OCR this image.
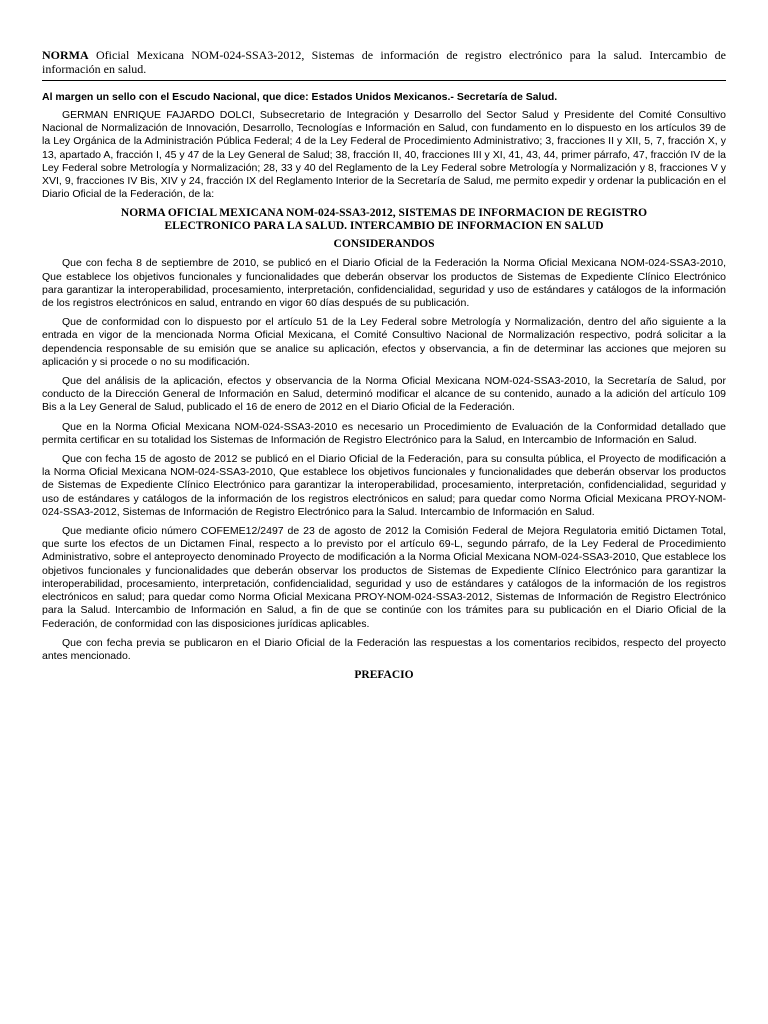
NORMA Oficial Mexicana NOM-024-SSA3-2012, Sistemas de información de registro electrónico para la salud. Intercambio de información en salud.

Al margen un sello con el Escudo Nacional, que dice: Estados Unidos Mexicanos.- Secretaría de Salud.

GERMAN ENRIQUE FAJARDO DOLCI, Subsecretario de Integración y Desarrollo del Sector Salud y Presidente del Comité Consultivo Nacional de Normalización de Innovación, Desarrollo, Tecnologías e Información en Salud, con fundamento en lo dispuesto en los artículos 39 de la Ley Orgánica de la Administración Pública Federal; 4 de la Ley Federal de Procedimiento Administrativo; 3, fracciones II y XII, 5, 7, fracción X, y 13, apartado A, fracción I, 45 y 47 de la Ley General de Salud; 38, fracción II, 40, fracciones III y XI, 41, 43, 44, primer párrafo, 47, fracción IV de la Ley Federal sobre Metrología y Normalización; 28, 33 y 40 del Reglamento de la Ley Federal sobre Metrología y Normalización y 8, fracciones V y XVI, 9, fracciones IV Bis, XIV y 24, fracción IX del Reglamento Interior de la Secretaría de Salud, me permito expedir y ordenar la publicación en el Diario Oficial de la Federación, de la:

NORMA OFICIAL MEXICANA NOM-024-SSA3-2012, SISTEMAS DE INFORMACION DE REGISTRO
ELECTRONICO PARA LA SALUD. INTERCAMBIO DE INFORMACION EN SALUD
CONSIDERANDOS

Que con fecha 8 de septiembre de 2010, se publicó en el Diario Oficial de la Federación la Norma Oficial Mexicana NOM-024-SSA3-2010, Que establece los objetivos funcionales y funcionalidades que deberán observar los productos de Sistemas de Expediente Clínico Electrónico para garantizar la interoperabilidad, procesamiento, interpretación, confidencialidad, seguridad y uso de estándares y catálogos de la información de los registros electrónicos en salud, entrando en vigor 60 días después de su publicación.

Que de conformidad con lo dispuesto por el artículo 51 de la Ley Federal sobre Metrología y Normalización, dentro del año siguiente a la entrada en vigor de la mencionada Norma Oficial Mexicana, el Comité Consultivo Nacional de Normalización respectivo, podrá solicitar a la dependencia responsable de su emisión que se analice su aplicación, efectos y observancia, a fin de determinar las acciones que mejoren su aplicación y si procede o no su modificación.

Que del análisis de la aplicación, efectos y observancia de la Norma Oficial Mexicana NOM-024-SSA3-2010, la Secretaría de Salud, por conducto de la Dirección General de Información en Salud, determinó modificar el alcance de su contenido, aunado a la adición del artículo 109 Bis a la Ley General de Salud, publicado el 16 de enero de 2012 en el Diario Oficial de la Federación.

Que en la Norma Oficial Mexicana NOM-024-SSA3-2010 es necesario un Procedimiento de Evaluación de la Conformidad detallado que permita certificar en su totalidad los Sistemas de Información de Registro Electrónico para la Salud, en Intercambio de Información en Salud.

Que con fecha 15 de agosto de 2012 se publicó en el Diario Oficial de la Federación, para su consulta pública, el Proyecto de modificación a la Norma Oficial Mexicana NOM-024-SSA3-2010, Que establece los objetivos funcionales y funcionalidades que deberán observar los productos de Sistemas de Expediente Clínico Electrónico para garantizar la interoperabilidad, procesamiento, interpretación, confidencialidad, seguridad y uso de estándares y catálogos de la información de los registros electrónicos en salud; para quedar como Norma Oficial Mexicana PROY-NOM-024-SSA3-2012, Sistemas de Información de Registro Electrónico para la Salud. Intercambio de Información en Salud.

Que mediante oficio número COFEME12/2497 de 23 de agosto de 2012 la Comisión Federal de Mejora Regulatoria emitió Dictamen Total, que surte los efectos de un Dictamen Final, respecto a lo previsto por el artículo 69-L, segundo párrafo, de la Ley Federal de Procedimiento Administrativo, sobre el anteproyecto denominado Proyecto de modificación a la Norma Oficial Mexicana NOM-024-SSA3-2010, Que establece los objetivos funcionales y funcionalidades que deberán observar los productos de Sistemas de Expediente Clínico Electrónico para garantizar la interoperabilidad, procesamiento, interpretación, confidencialidad, seguridad y uso de estándares y catálogos de la información de los registros electrónicos en salud; para quedar como Norma Oficial Mexicana PROY-NOM-024-SSA3-2012, Sistemas de Información de Registro Electrónico para la Salud. Intercambio de Información en Salud, a fin de que se continúe con los trámites para su publicación en el Diario Oficial de la Federación, de conformidad con las disposiciones jurídicas aplicables.

Que con fecha previa se publicaron en el Diario Oficial de la Federación las respuestas a los comentarios recibidos, respecto del proyecto antes mencionado.

PREFACIO
